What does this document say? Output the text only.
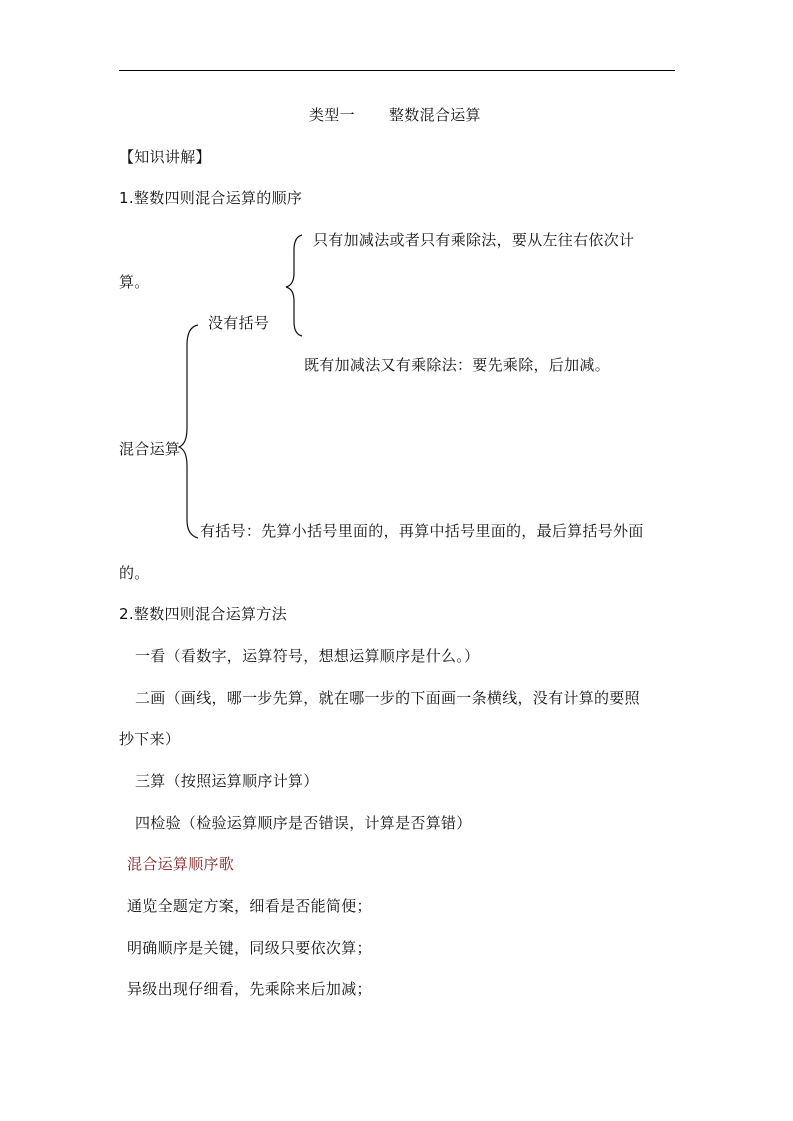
类型一 整数混合运算
【知识讲解】
1.整数四则混合运算的顺序
只有加减法或者只有乘除法，要从左往右依次计
算。
没有括号
既有加减法又有乘除法：要先乘除，后加减。
混合运算
有括号：先算小括号里面的，再算中括号里面的，最后算括号外面
的。
2.整数四则混合运算方法
一看（看数字，运算符号，想想运算顺序是什么。）
二画（画线，哪一步先算，就在哪一步的下面画一条横线，没有计算的要照
抄下来）
三算（按照运算顺序计算）
四检验（检验运算顺序是否错误，计算是否算错）
混合运算顺序歌
通览全题定方案，细看是否能简便；
明确顺序是关键，同级只要依次算；
异级出现仔细看，先乘除来后加减；
